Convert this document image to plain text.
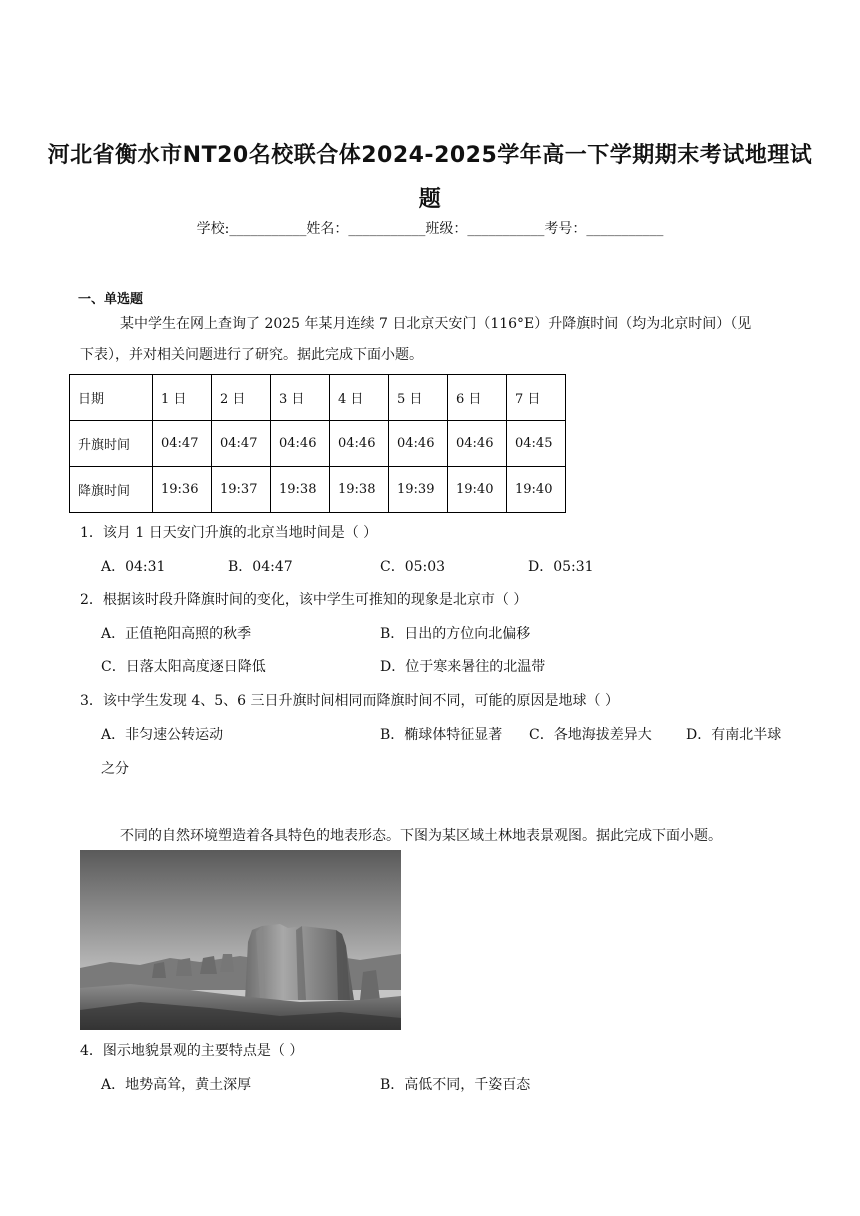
河北省衡水市NT20名校联合体2024-2025学年高一下学期期末考试地理试
题
学校:___________姓名：___________班级：___________考号：___________
一、单选题
某中学生在网上查询了 2025 年某月连续 7 日北京天安门（116°E）升降旗时间（均为北京时间）（见
下表），并对相关问题进行了研究。据此完成下面小题。
日期	1 日	2 日	3 日	4 日	5 日	6 日	7 日
升旗时间	04:47	04:47	04:46	04:46	04:46	04:46	04:45
降旗时间	19:36	19:37	19:38	19:38	19:39	19:40	19:40
1．该月 1 日天安门升旗的北京当地时间是（ ）
A．04:31	B．04:47	C．05:03	D．05:31
2．根据该时段升降旗时间的变化，该中学生可推知的现象是北京市（ ）
A．正值艳阳高照的秋季	B．日出的方位向北偏移
C．日落太阳高度逐日降低	D．位于寒来暑往的北温带
3．该中学生发现 4、5、6 三日升旗时间相同而降旗时间不同，可能的原因是地球（ ）
A．非匀速公转运动	B．椭球体特征显著 C．各地海拔差异大 D．有南北半球
之分
不同的自然环境塑造着各具特色的地表形态。下图为某区域土林地表景观图。据此完成下面小题。
4．图示地貌景观的主要特点是（ ）
A．地势高耸，黄土深厚	B．高低不同，千姿百态
